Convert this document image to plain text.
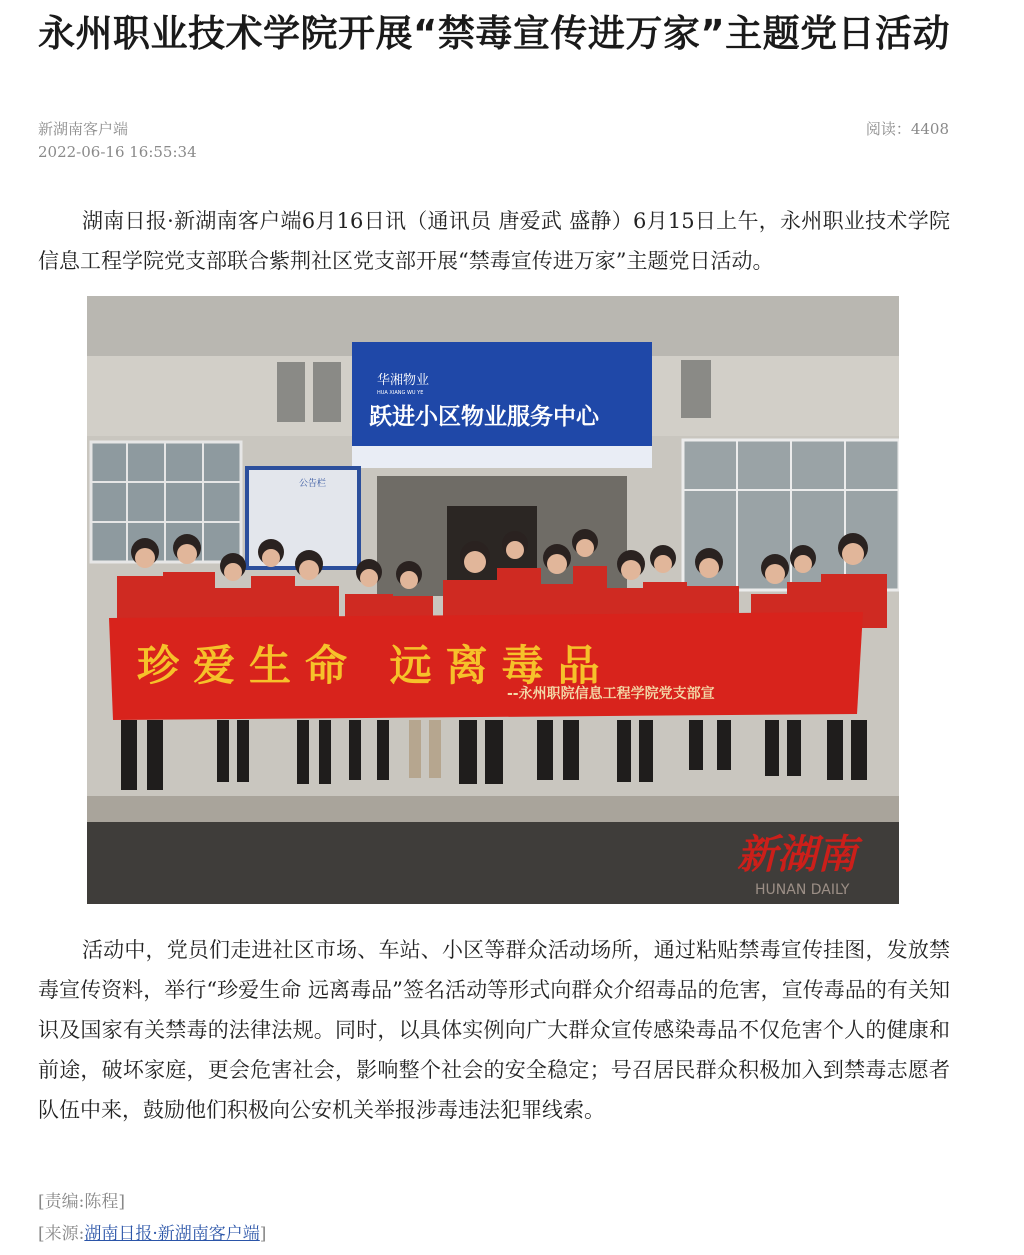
永州职业技术学院开展“禁毒宣传进万家”主题党日活动
新湖南客户端
2022-06-16 16:55:34
阅读：4408

湖南日报·新湖南客户端6月16日讯（通讯员 唐爱武 盛静）6月15日上午，永州职业技术学院信息工程学院党支部联合紫荆社区党支部开展“禁毒宣传进万家”主题党日活动。

华湘物业
HUA XIANG WU YE
跃进小区物业服务中心
公告栏
珍爱生命 远离毒品
--永州职院信息工程学院党支部宣
新湖南
HUNAN DAILY

活动中，党员们走进社区市场、车站、小区等群众活动场所，通过粘贴禁毒宣传挂图，发放禁毒宣传资料，举行“珍爱生命 远离毒品”签名活动等形式向群众介绍毒品的危害，宣传毒品的有关知识及国家有关禁毒的法律法规。同时，以具体实例向广大群众宣传感染毒品不仅危害个人的健康和前途，破坏家庭，更会危害社会，影响整个社会的安全稳定；号召居民群众积极加入到禁毒志愿者队伍中来，鼓励他们积极向公安机关举报涉毒违法犯罪线索。

[责编:陈程]
[来源:湖南日报·新湖南客户端]
